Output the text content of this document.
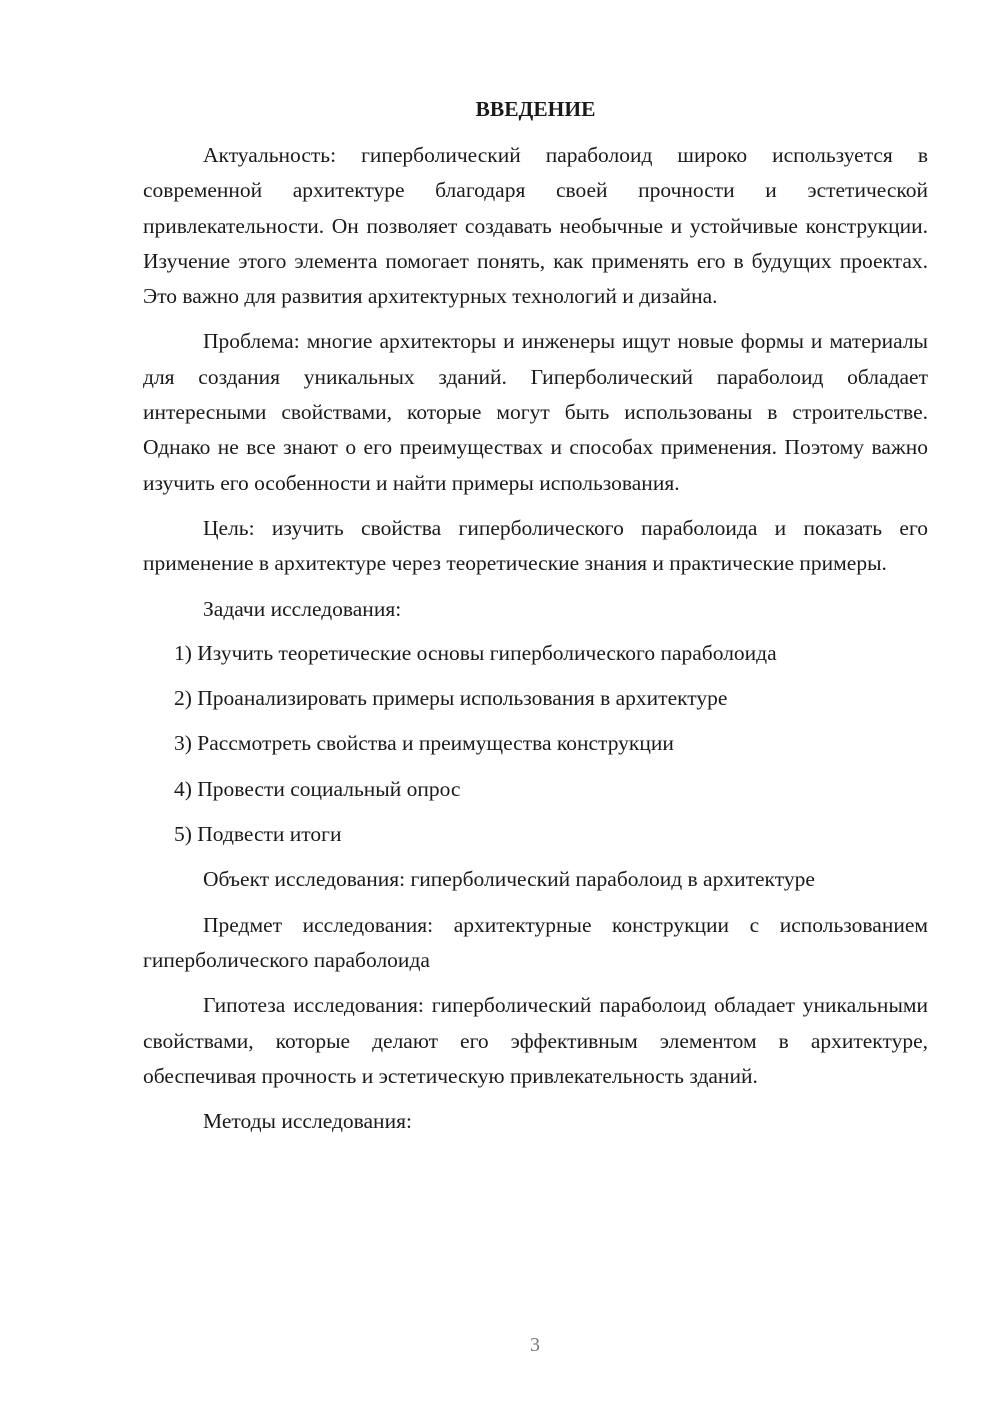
ВВЕДЕНИЕ

Актуальность: гиперболический параболоид широко используется в современной архитектуре благодаря своей прочности и эстетической привлекательности. Он позволяет создавать необычные и устойчивые конструкции. Изучение этого элемента помогает понять, как применять его в будущих проектах. Это важно для развития архитектурных технологий и дизайна.

Проблема: многие архитекторы и инженеры ищут новые формы и материалы для создания уникальных зданий. Гиперболический параболоид обладает интересными свойствами, которые могут быть использованы в строительстве. Однако не все знают о его преимуществах и способах применения. Поэтому важно изучить его особенности и найти примеры использования.

Цель: изучить свойства гиперболического параболоида и показать его применение в архитектуре через теоретические знания и практические примеры.

Задачи исследования:

1) Изучить теоретические основы гиперболического параболоида
2) Проанализировать примеры использования в архитектуре
3) Рассмотреть свойства и преимущества конструкции
4) Провести социальный опрос
5) Подвести итоги

Объект исследования: гиперболический параболоид в архитектуре

Предмет исследования: архитектурные конструкции с использованием гиперболического параболоида

Гипотеза исследования: гиперболический параболоид обладает уникальными свойствами, которые делают его эффективным элементом в архитектуре, обеспечивая прочность и эстетическую привлекательность зданий.

Методы исследования:

3
